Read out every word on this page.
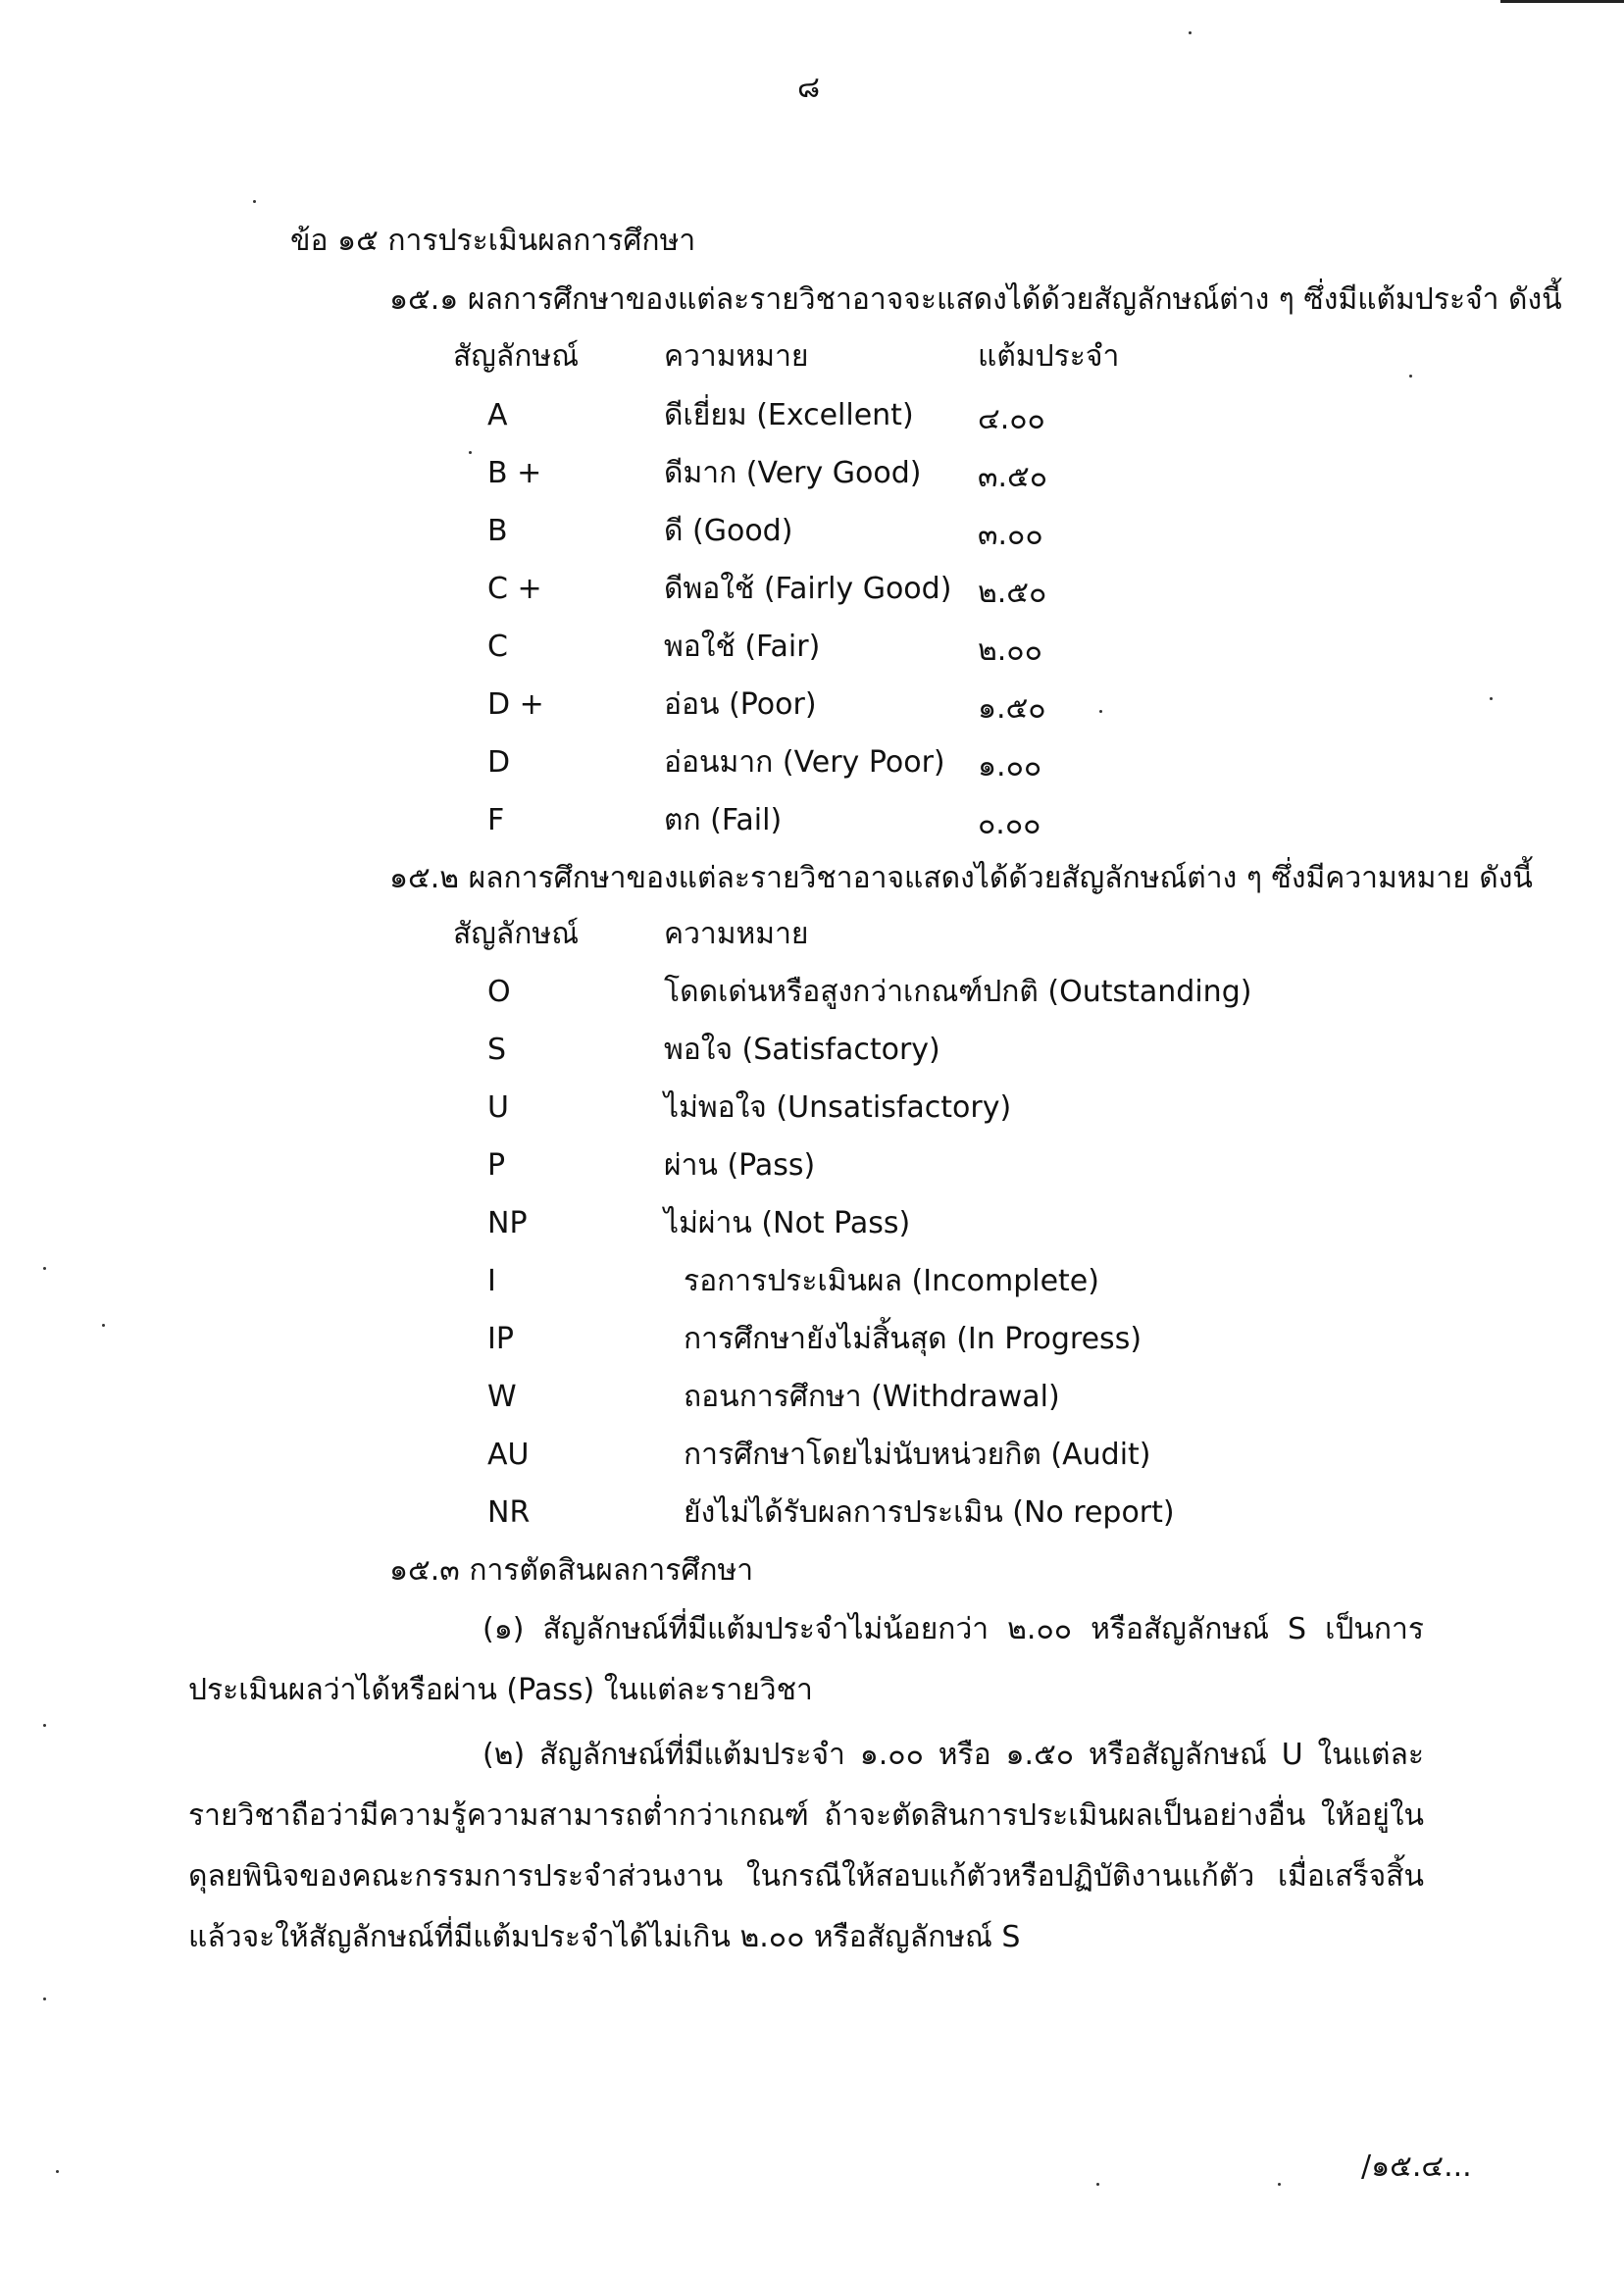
๘
ข้อ ๑๕ การประเมินผลการศึกษา
๑๕.๑ ผลการศึกษาของแต่ละรายวิชาอาจจะแสดงได้ด้วยสัญลักษณ์ต่าง ๆ ซึ่งมีแต้มประจำ ดังนี้
สัญลักษณ์	ความหมาย	แต้มประจำ
A	ดีเยี่ยม (Excellent) ๔.๐๐
B +	ดีมาก (Very Good) ๓.๕๐
B	ดี (Good)	๓.๐๐
C +	ดีพอใช้ (Fairly Good) ๒.๕๐
C	พอใช้ (Fair)	๒.๐๐
D +	อ่อน (Poor)	๑.๕๐
D	อ่อนมาก (Very Poor) ๑.๐๐
F	ตก (Fail)	๐.๐๐
๑๕.๒ ผลการศึกษาของแต่ละรายวิชาอาจแสดงได้ด้วยสัญลักษณ์ต่าง ๆ ซึ่งมีความหมาย ดังนี้
สัญลักษณ์	ความหมาย
O	โดดเด่นหรือสูงกว่าเกณฑ์ปกติ (Outstanding)
S	พอใจ (Satisfactory)
U	ไม่พอใจ (Unsatisfactory)
P	ผ่าน (Pass)
NP	ไม่ผ่าน (Not Pass)
I	รอการประเมินผล (Incomplete)
IP	การศึกษายังไม่สิ้นสุด (In Progress)
W	ถอนการศึกษา (Withdrawal)
AU	การศึกษาโดยไม่นับหน่วยกิต (Audit)
NR	ยังไม่ได้รับผลการประเมิน (No report)
๑๕.๓ การตัดสินผลการศึกษา
(๑) สัญลักษณ์ที่มีแต้มประจำไม่น้อยกว่า ๒.๐๐ หรือสัญลักษณ์ S เป็นการประเมินผลว่าได้หรือผ่าน (Pass) ในแต่ละรายวิชา
(๒) สัญลักษณ์ที่มีแต้มประจำ ๑.๐๐ หรือ ๑.๕๐ หรือสัญลักษณ์ U ในแต่ละรายวิชาถือว่ามีความรู้ความสามารถต่ำกว่าเกณฑ์ ถ้าจะตัดสินการประเมินผลเป็นอย่างอื่น ให้อยู่ในดุลยพินิจของคณะกรรมการประจำส่วนงาน ในกรณีให้สอบแก้ตัวหรือปฏิบัติงานแก้ตัว เมื่อเสร็จสิ้นแล้วจะให้สัญลักษณ์ที่มีแต้มประจำได้ไม่เกิน ๒.๐๐ หรือสัญลักษณ์ S
/๑๕.๔...
